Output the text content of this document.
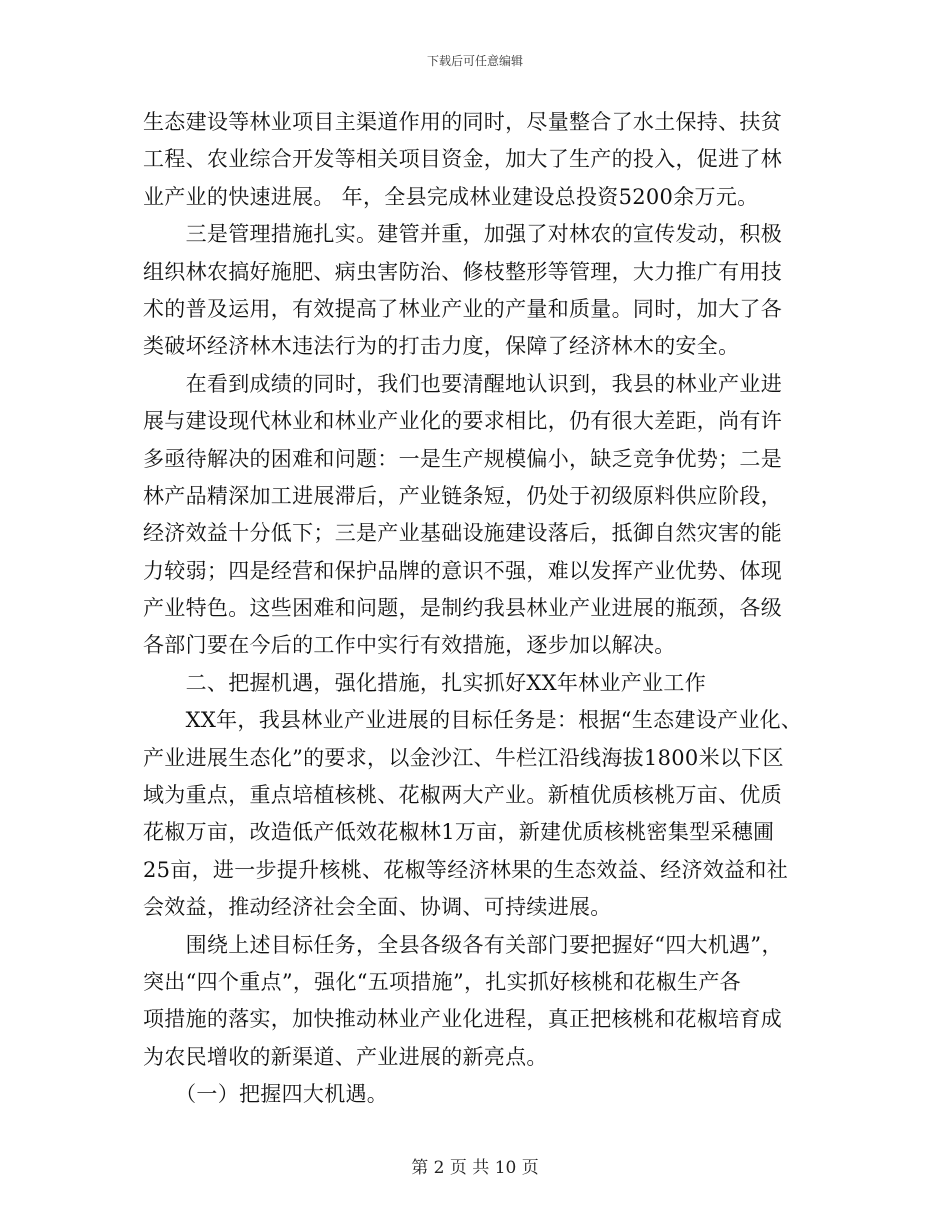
下载后可任意编辑
生态建设等林业项目主渠道作用的同时，尽量整合了水土保持、扶贫
工程、农业综合开发等相关项目资金，加大了生产的投入，促进了林
业产业的快速进展。 年，全县完成林业建设总投资5200余万元。
　　三是管理措施扎实。建管并重，加强了对林农的宣传发动，积极
组织林农搞好施肥、病虫害防治、修枝整形等管理，大力推广有用技
术的普及运用，有效提高了林业产业的产量和质量。同时，加大了各
类破坏经济林木违法行为的打击力度，保障了经济林木的安全。
　　在看到成绩的同时，我们也要清醒地认识到，我县的林业产业进
展与建设现代林业和林业产业化的要求相比，仍有很大差距，尚有许
多亟待解决的困难和问题：一是生产规模偏小，缺乏竞争优势；二是
林产品精深加工进展滞后，产业链条短，仍处于初级原料供应阶段，
经济效益十分低下；三是产业基础设施建设落后，抵御自然灾害的能
力较弱；四是经营和保护品牌的意识不强，难以发挥产业优势、体现
产业特色。这些困难和问题，是制约我县林业产业进展的瓶颈，各级
各部门要在今后的工作中实行有效措施，逐步加以解决。
　　二、把握机遇，强化措施，扎实抓好XX年林业产业工作
　　XX年，我县林业产业进展的目标任务是：根据“生态建设产业化、
产业进展生态化”的要求，以金沙江、牛栏江沿线海拔1800米以下区
域为重点，重点培植核桃、花椒两大产业。新植优质核桃万亩、优质
花椒万亩，改造低产低效花椒林1万亩，新建优质核桃密集型采穗圃
25亩，进一步提升核桃、花椒等经济林果的生态效益、经济效益和社
会效益，推动经济社会全面、协调、可持续进展。
　　围绕上述目标任务，全县各级各有关部门要把握好“四大机遇”，
突出“四个重点”，强化“五项措施”，扎实抓好核桃和花椒生产各
项措施的落实，加快推动林业产业化进程，真正把核桃和花椒培育成
为农民增收的新渠道、产业进展的新亮点。
　　（一）把握四大机遇。
第 2 页 共 10 页
